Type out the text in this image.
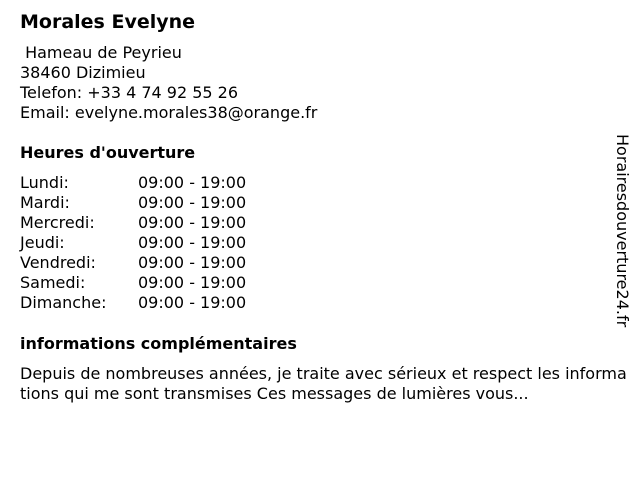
Morales Evelyne
Hameau de Peyrieu
38460 Dizimieu
Telefon: +33 4 74 92 55 26
Email: evelyne.morales38@orange.fr
Heures d'ouverture
Lundi:	09:00 - 19:00
Mardi:	09:00 - 19:00
Mercredi:	09:00 - 19:00
Jeudi:	09:00 - 19:00
Vendredi:	09:00 - 19:00
Samedi:	09:00 - 19:00
Dimanche:	09:00 - 19:00
informations complémentaires
Depuis de nombreuses années, je traite avec sérieux et respect les informations qui me sont transmises Ces messages de lumières vous...
Horairesdouverture24.fr
